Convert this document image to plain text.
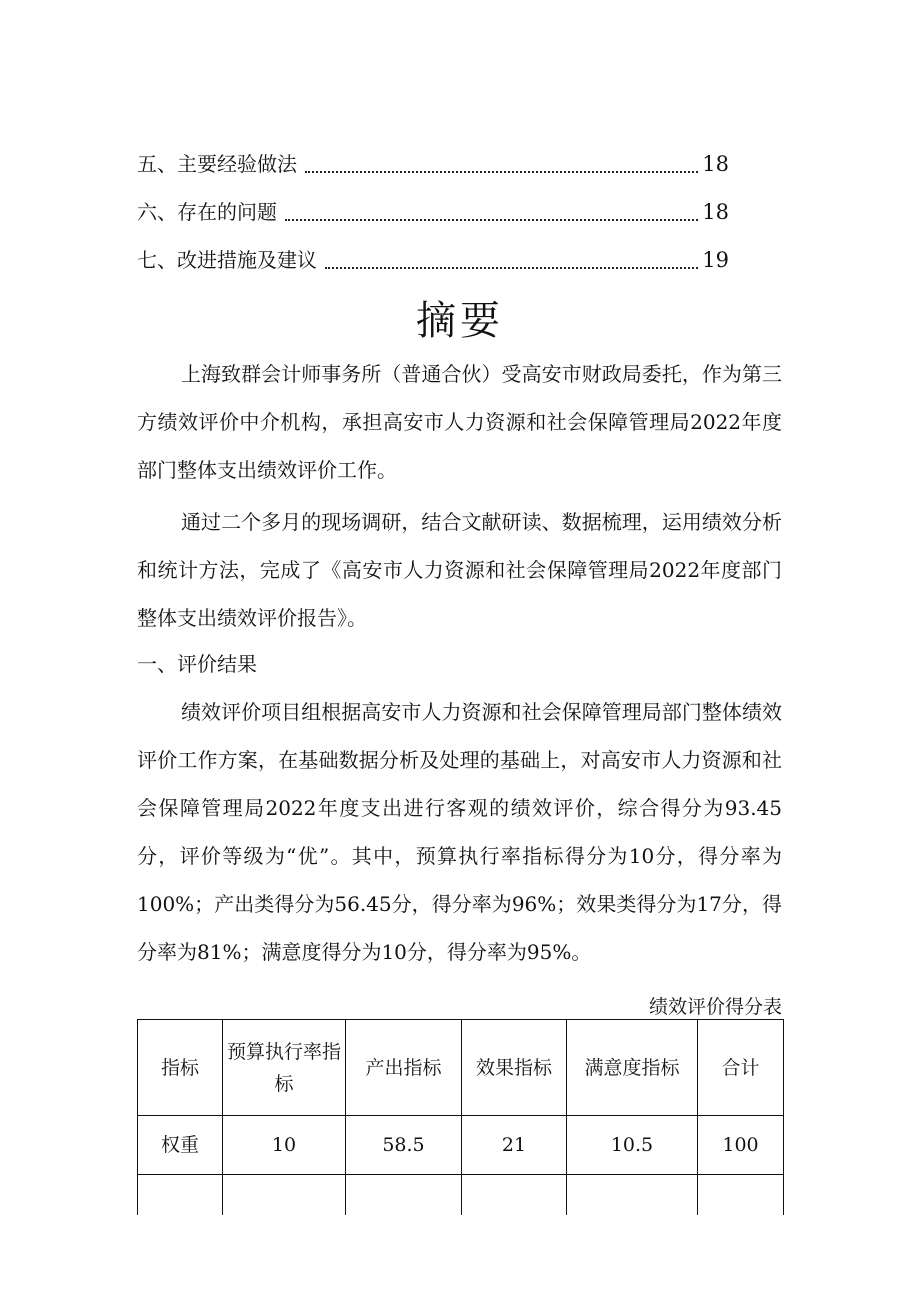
五、主要经验做法	18
六、存在的问题	18
七、改进措施及建议	19
摘要

上海致群会计师事务所（普通合伙）受高安市财政局委托，作为第三方绩效评价中介机构，承担高安市人力资源和社会保障管理局2022年度部门整体支出绩效评价工作。

通过二个多月的现场调研，结合文献研读、数据梳理，运用绩效分析和统计方法，完成了《高安市人力资源和社会保障管理局2022年度部门整体支出绩效评价报告》。

一、评价结果

绩效评价项目组根据高安市人力资源和社会保障管理局部门整体绩效评价工作方案，在基础数据分析及处理的基础上，对高安市人力资源和社会保障管理局2022年度支出进行客观的绩效评价，综合得分为93.45分，评价等级为“优”。其中，预算执行率指标得分为10分，得分率为100%；产出类得分为56.45分，得分率为96%；效果类得分为17分，得分率为81%；满意度得分为10分，得分率为95%。

绩效评价得分表
指标	预算执行率指标	产出指标	效果指标	满意度指标	合计
权重	10	58.5	21	10.5	100
